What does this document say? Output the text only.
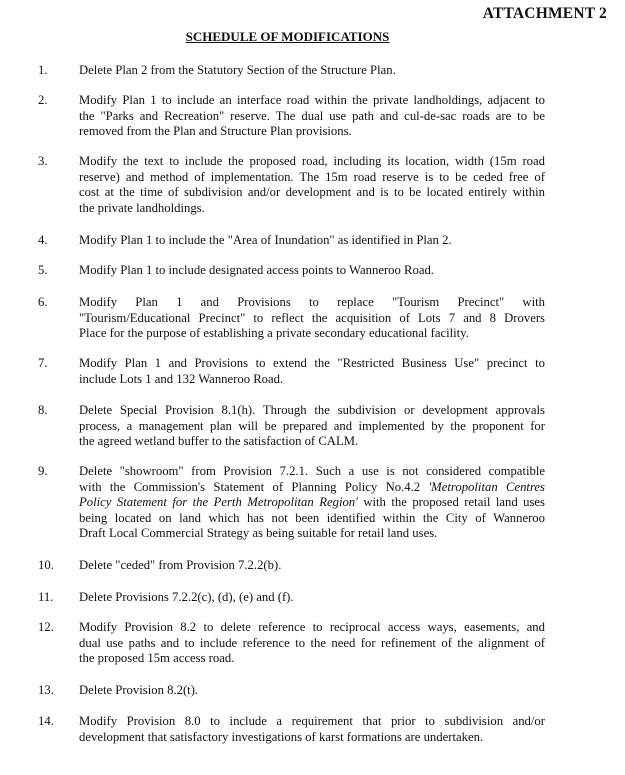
ATTACHMENT 2
SCHEDULE OF MODIFICATIONS
1. Delete Plan 2 from the Statutory Section of the Structure Plan.
2. Modify Plan 1 to include an interface road within the private landholdings, adjacent to
the "Parks and Recreation" reserve. The dual use path and cul-de-sac roads are to be
removed from the Plan and Structure Plan provisions.
3. Modify the text to include the proposed road, including its location, width (15m road
reserve) and method of implementation. The 15m road reserve is to be ceded free of
cost at the time of subdivision and/or development and is to be located entirely within
the private landholdings.
4. Modify Plan 1 to include the "Area of Inundation" as identified in Plan 2.
5. Modify Plan 1 to include designated access points to Wanneroo Road.
6. Modify Plan 1 and Provisions to replace "Tourism Precinct" with
"Tourism/Educational Precinct" to reflect the acquisition of Lots 7 and 8 Drovers
Place for the purpose of establishing a private secondary educational facility.
7. Modify Plan 1 and Provisions to extend the "Restricted Business Use" precinct to
include Lots 1 and 132 Wanneroo Road.
8. Delete Special Provision 8.1(h). Through the subdivision or development approvals
process, a management plan will be prepared and implemented by the proponent for
the agreed wetland buffer to the satisfaction of CALM.
9. Delete "showroom" from Provision 7.2.1. Such a use is not considered compatible
with the Commission's Statement of Planning Policy No.4.2 'Metropolitan Centres
Policy Statement for the Perth Metropolitan Region' with the proposed retail land uses
being located on land which has not been identified within the City of Wanneroo
Draft Local Commercial Strategy as being suitable for retail land uses.
10. Delete "ceded" from Provision 7.2.2(b).
11. Delete Provisions 7.2.2(c), (d), (e) and (f).
12. Modify Provision 8.2 to delete reference to reciprocal access ways, easements, and
dual use paths and to include reference to the need for refinement of the alignment of
the proposed 15m access road.
13. Delete Provision 8.2(t).
14. Modify Provision 8.0 to include a requirement that prior to subdivision and/or
development that satisfactory investigations of karst formations are undertaken.
